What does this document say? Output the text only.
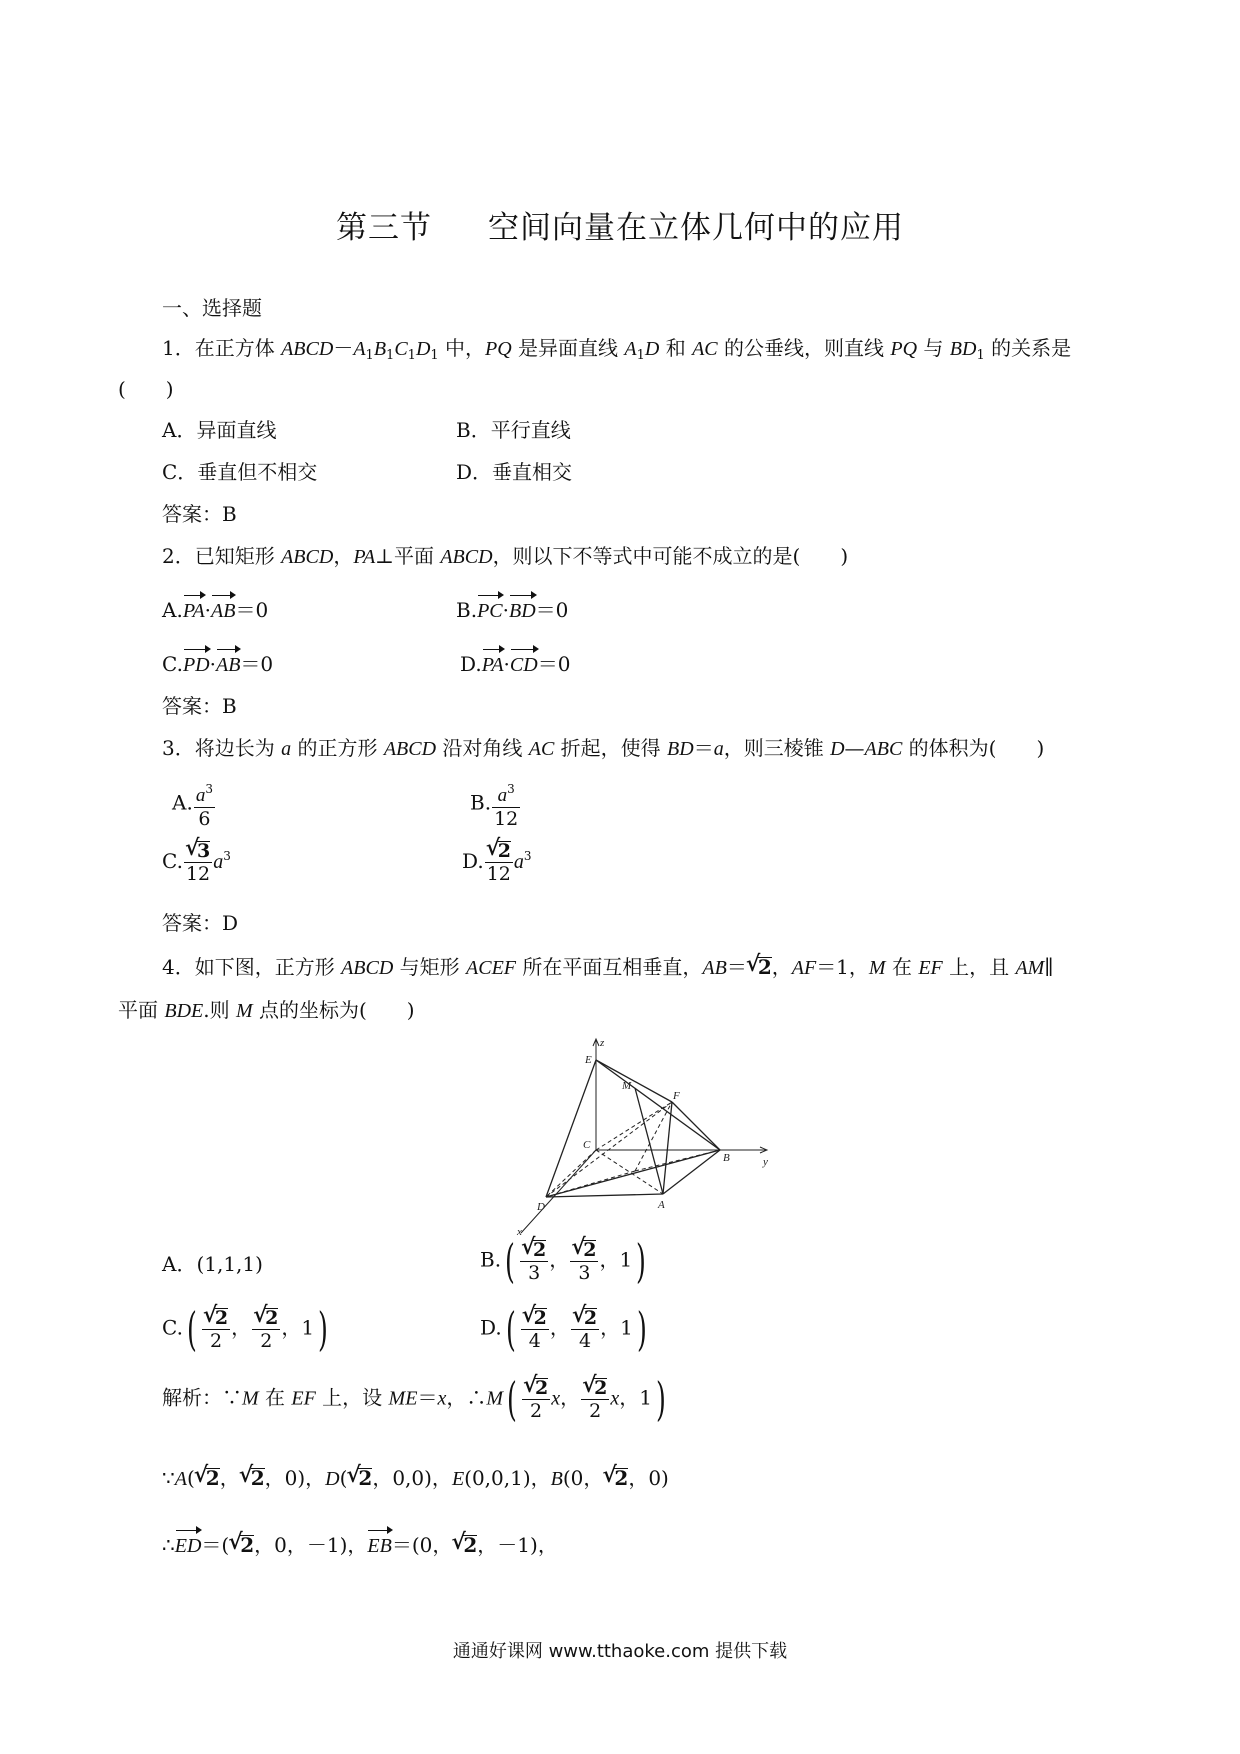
第三节 空间向量在立体几何中的应用
一、选择题
1．在正方体 $ABCD-A_1B_1C_1D_1$ 中，PQ 是异面直线 $A_1D$ 和 AC 的公垂线，则直线 PQ 与 $BD_1$ 的关系是
(　　)
A．异面直线	B．平行直线
C．垂直但不相交	D．垂直相交
答案：B
2．已知矩形 ABCD，PA⊥平面 ABCD，则以下不等式中可能不成立的是(　　)
A.PA·AB＝0	B.PC·BD＝0
C.PD·AB＝0	D.PA·CD＝0
答案：B
3．将边长为 a 的正方形 ABCD 沿对角线 AC 折起，使得 BD＝a，则三棱锥 D—ABC 的体积为(　　)
A. $\frac{a^3}{6}$	B. $\frac{a^3}{12}$
C. √ $\frac{3}{12} a^3$	D. √ $\frac{2}{12} a^3$
答案：D
4．如下图，正方形 ABCD 与矩形 ACEF 所在平面互相垂直，AB＝ √ 2，AF＝1，M 在 EF 上，且 AM∥
平面 BDE.则 M 点的坐标为(　　)
z
y
x
E
M
F
C
B
D	A
A．(1,1,1)	B.( √ $\frac{2}{3}$ ， √ $\frac{2}{3}$ ，1)
C.( √ $\frac{2}{2}$ ， √ $\frac{2}{2}$ ，1)	D.( √ $\frac{2}{4}$ ， √ $\frac{2}{4}$ ，1)
解析：∵M 在 EF 上，设 ME＝x，∴M( √ $\frac{2}{2}$ x， √ $\frac{2}{2}$ x，1)
∵A( √ 2， √ 2，0)，D( √ 2，0,0)，E(0,0,1)，B(0， √ 2，0)
∴ED＝( √ 2，0，－1)，EB＝(0， √ 2，－1)，
通通好课网 www.tthaoke.com 提供下载
